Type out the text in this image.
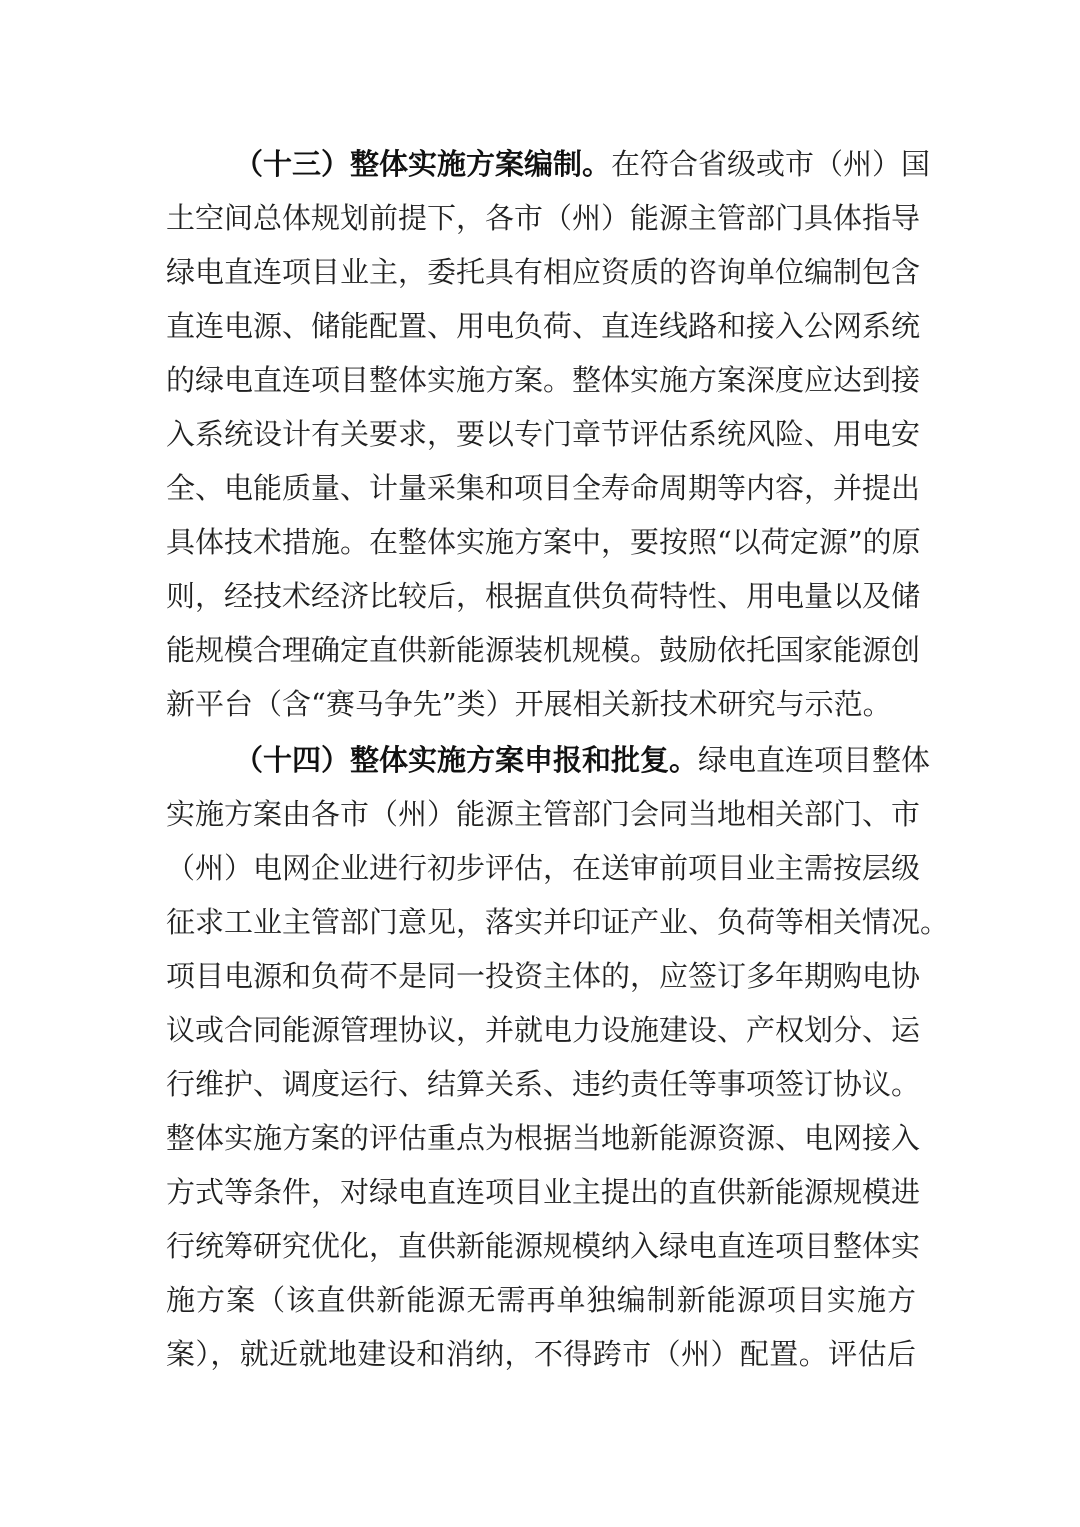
（十三）整体实施方案编制。在符合省级或市（州）国
土空间总体规划前提下，各市（州）能源主管部门具体指导
绿电直连项目业主，委托具有相应资质的咨询单位编制包含
直连电源、储能配置、用电负荷、直连线路和接入公网系统
的绿电直连项目整体实施方案。整体实施方案深度应达到接
入系统设计有关要求，要以专门章节评估系统风险、用电安
全、电能质量、计量采集和项目全寿命周期等内容，并提出
具体技术措施。在整体实施方案中，要按照“以荷定源”的原
则，经技术经济比较后，根据直供负荷特性、用电量以及储
能规模合理确定直供新能源装机规模。鼓励依托国家能源创
新平台（含“赛马争先”类）开展相关新技术研究与示范。
（十四）整体实施方案申报和批复。绿电直连项目整体
实施方案由各市（州）能源主管部门会同当地相关部门、市
（州）电网企业进行初步评估，在送审前项目业主需按层级
征求工业主管部门意见，落实并印证产业、负荷等相关情况。
项目电源和负荷不是同一投资主体的，应签订多年期购电协
议或合同能源管理协议，并就电力设施建设、产权划分、运
行维护、调度运行、结算关系、违约责任等事项签订协议。
整体实施方案的评估重点为根据当地新能源资源、电网接入
方式等条件，对绿电直连项目业主提出的直供新能源规模进
行统筹研究优化，直供新能源规模纳入绿电直连项目整体实
施方案（该直供新能源无需再单独编制新能源项目实施方
案），就近就地建设和消纳，不得跨市（州）配置。评估后
